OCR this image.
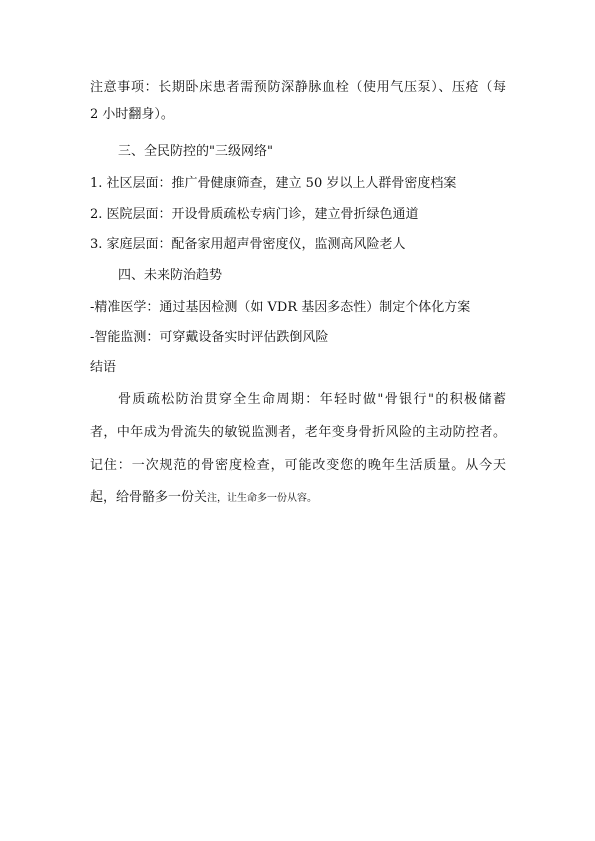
注意事项：长期卧床患者需预防深静脉血栓（使用气压泵）、压疮（每
2 小时翻身）。
三、全民防控的"三级网络"
1. 社区层面：推广骨健康筛查，建立 50 岁以上人群骨密度档案
2. 医院层面：开设骨质疏松专病门诊，建立骨折绿色通道
3. 家庭层面：配备家用超声骨密度仪，监测高风险老人
四、未来防治趋势
-精准医学：通过基因检测（如 VDR 基因多态性）制定个体化方案
-智能监测：可穿戴设备实时评估跌倒风险
结语
骨质疏松防治贯穿全生命周期：年轻时做"骨银行"的积极储蓄
者，中年成为骨流失的敏锐监测者，老年变身骨折风险的主动防控者。
记住：一次规范的骨密度检查，可能改变您的晚年生活质量。从今天
起，给骨骼多一份关注，让生命多一份从容。
